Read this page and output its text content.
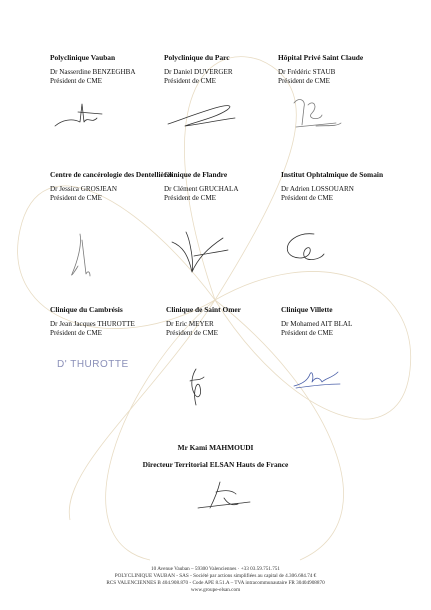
Polyclinique Vauban
Dr Nasserdine BENZEGHBA
Président de CME
Polyclinique du Parc
Dr Daniel DUVERGER
Président de CME
Hôpital Privé Saint Claude
Dr Frédéric STAUB
Président de CME
Centre de cancérologie des Dentellières
Dr Jessica GROSJEAN
Président de CME
Clinique de Flandre
Dr Clément GRUCHALA
Président de CME
Institut Ophtalmique de Somain
Dr Adrien LOSSOUARN
Président de CME
Clinique du Cambrésis
Dr Jean Jacques THUROTTE
Président de CME
Clinique de Saint Omer
Dr Eric MEYER
Président de CME
Clinique Villette
Dr Mohamed AIT BLAL
Président de CME
D' THUROTTE
Mr Kami MAHMOUDI
Directeur Territorial ELSAN Hauts de France
10 Avenue Vauban – 59300 Valenciennes · +33 03.59.751.751
POLYCLINIQUE VAUBAN - SAS - Société par actions simplifiées au capital de 4.306.684.74 €
RCS VALENCIENNES B 404.908.870 - Code APE 8.51.A – TVA intracommunautaire FR 30404908870
www.groupe-elsan.com
